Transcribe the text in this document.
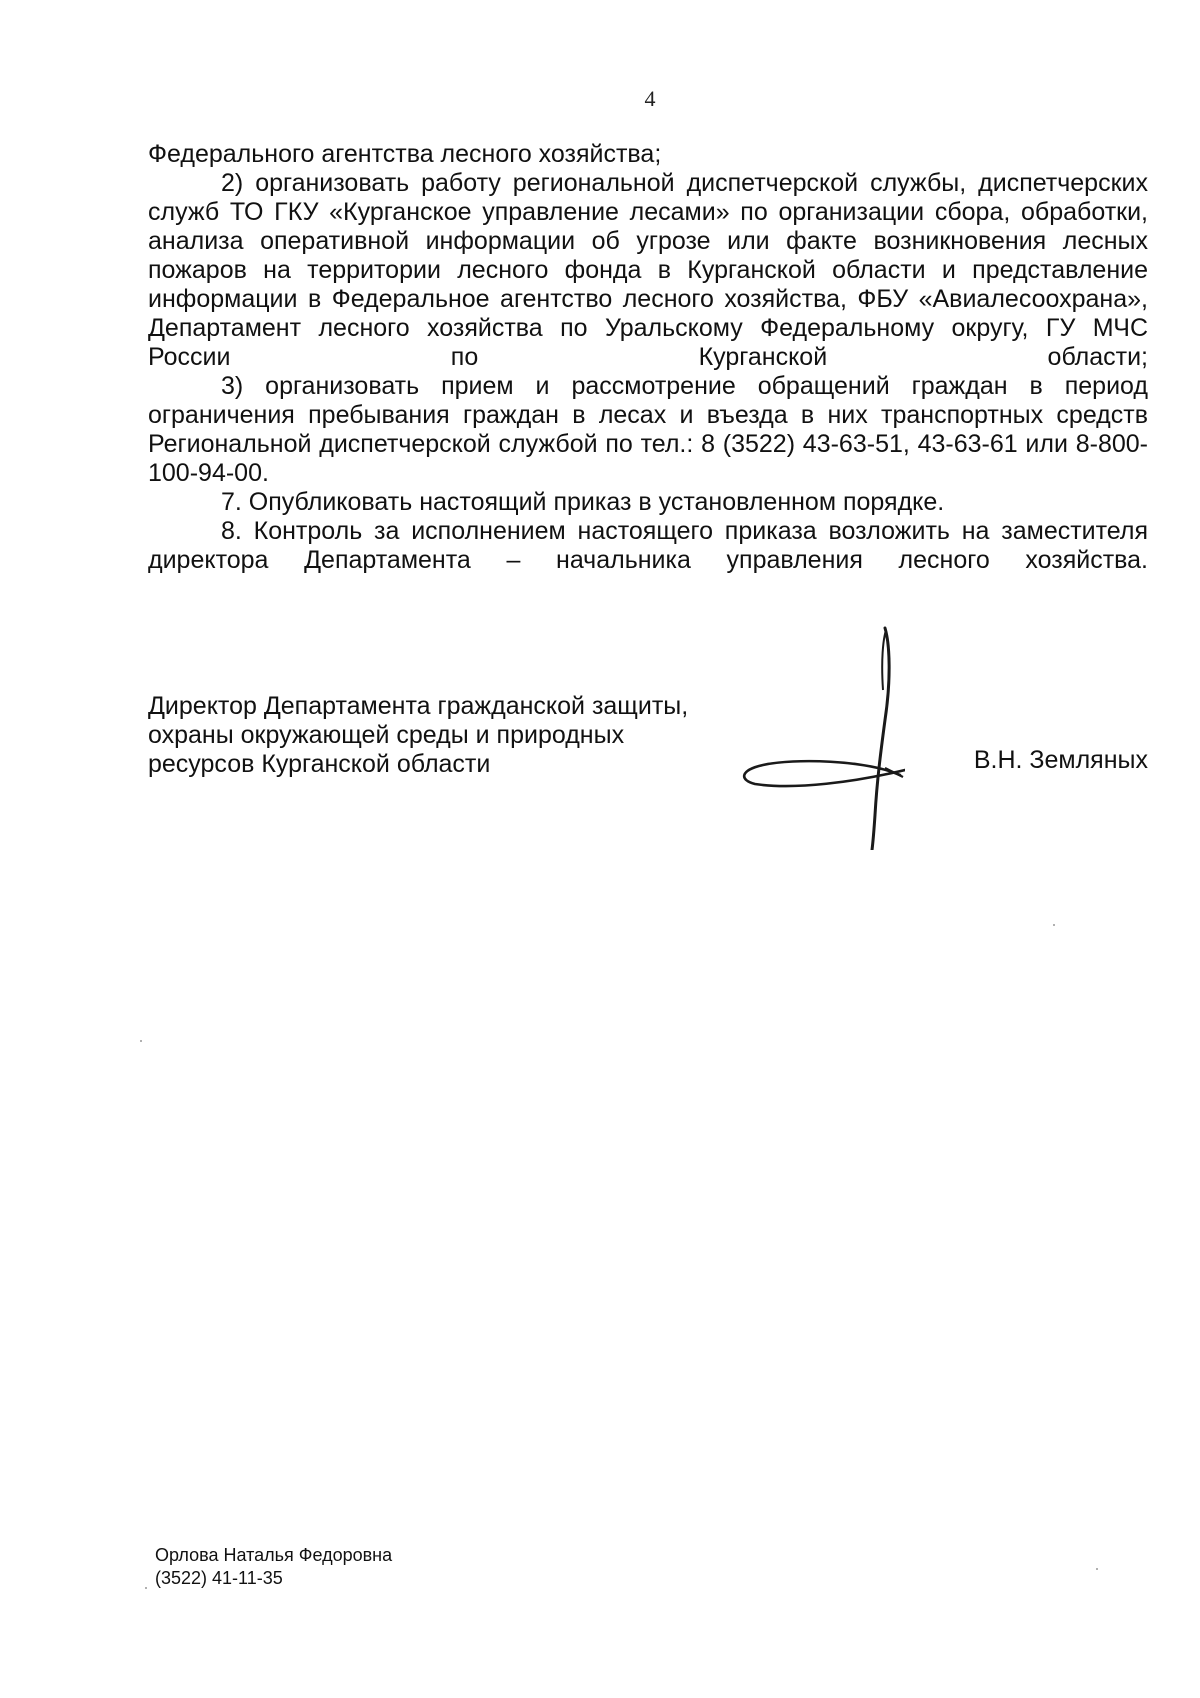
4

Федерального агентства лесного хозяйства;

2) организовать работу региональной диспетчерской службы, диспетчерских служб ТО ГКУ «Курганское управление лесами» по организации сбора, обработки, анализа оперативной информации об угрозе или факте возникновения лесных пожаров на территории лесного фонда в Курганской области и представление информации в Федеральное агентство лесного хозяйства, ФБУ «Авиалесоохрана», Департамент лесного хозяйства по Уральскому Федеральному округу, ГУ МЧС России по Курганской области;

3) организовать прием и рассмотрение обращений граждан в период ограничения пребывания граждан в лесах и въезда в них транспортных средств Региональной диспетчерской службой по тел.: 8 (3522) 43-63-51, 43-63-61 или 8-800-100-94-00.

7. Опубликовать настоящий приказ в установленном порядке.

8. Контроль за исполнением настоящего приказа возложить на заместителя директора Департамента – начальника управления лесного хозяйства.

Директор Департамента гражданской защиты,
охраны окружающей среды и природных
ресурсов Курганской области	В.Н. Земляных
Орлова Наталья Федоровна
(3522) 41-11-35
